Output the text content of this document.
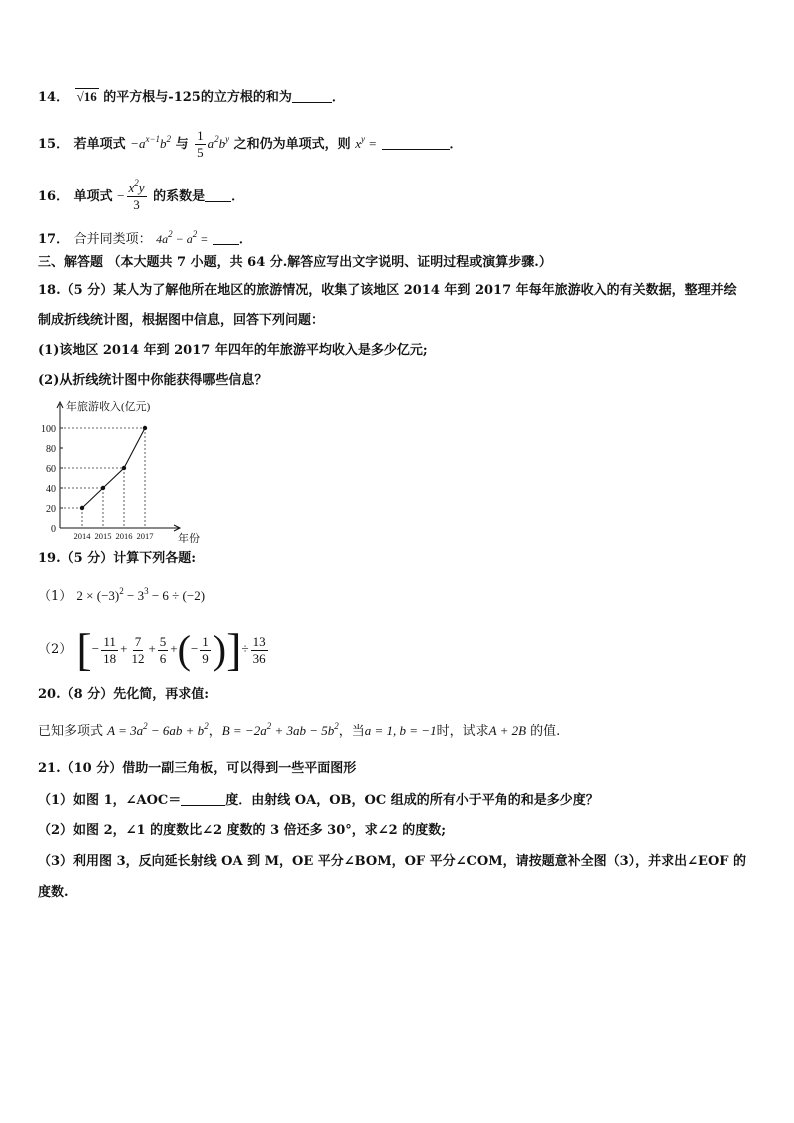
14． √16 的平方根与-125的立方根的和为	．
15． 若单项式 $-a^{x-1}b^2$ 与 $\frac{1}{5} a^2b^y$ 之和仍为单项式，则 $x^y$ =	．
16． 单项式 − $\frac{x^2y}{3}$ 的系数是 ．
17． 合并同类项： $4a^2 - a^2$ = ．
三、解答题 （本大题共 7 小题，共 64 分.解答应写出文字说明、证明过程或演算步骤.）
18.（5 分）某人为了解他所在地区的旅游情况，收集了该地区 2014 年到 2017 年每年旅游收入的有关数据，整理并绘
制成折线统计图，根据图中信息，回答下列问题：
(1)该地区 2014 年到 2017 年四年的年旅游平均收入是多少亿元;
(2)从折线统计图中你能获得哪些信息？
0
20
40
60
80
100
年旅游收入(亿元)
2014 2015 2016 2017 年份
19.（5 分）计算下列各题:
（1） $2 \times (-3)^2 - 3^3 - 6 \div (-2)$
（2） [− $\frac{11}{18} + \frac{7}{12} + \frac{5}{6}$ +(− $\frac{1}{9}$ )]÷ $\frac{13}{36}$
20.（8 分）先化简，再求值:
已知多项式 $A = 3a^2 - 6ab + b^2$，$B = -2a^2 + 3ab - 5b^2$，当a = 1, b = −1时，试求A + 2B 的值.
21.（10 分）借助一副三角板，可以得到一些平面图形
（1）如图 1，∠AOC＝	度．由射线 OA，OB，OC 组成的所有小于平角的和是多少度？
（2）如图 2，∠1 的度数比∠2 度数的 3 倍还多 30°，求∠2 的度数;
（3）利用图 3，反向延长射线 OA 到 M，OE 平分∠BOM，OF 平分∠COM，请按题意补全图（3），并求出∠EOF 的
度数.
